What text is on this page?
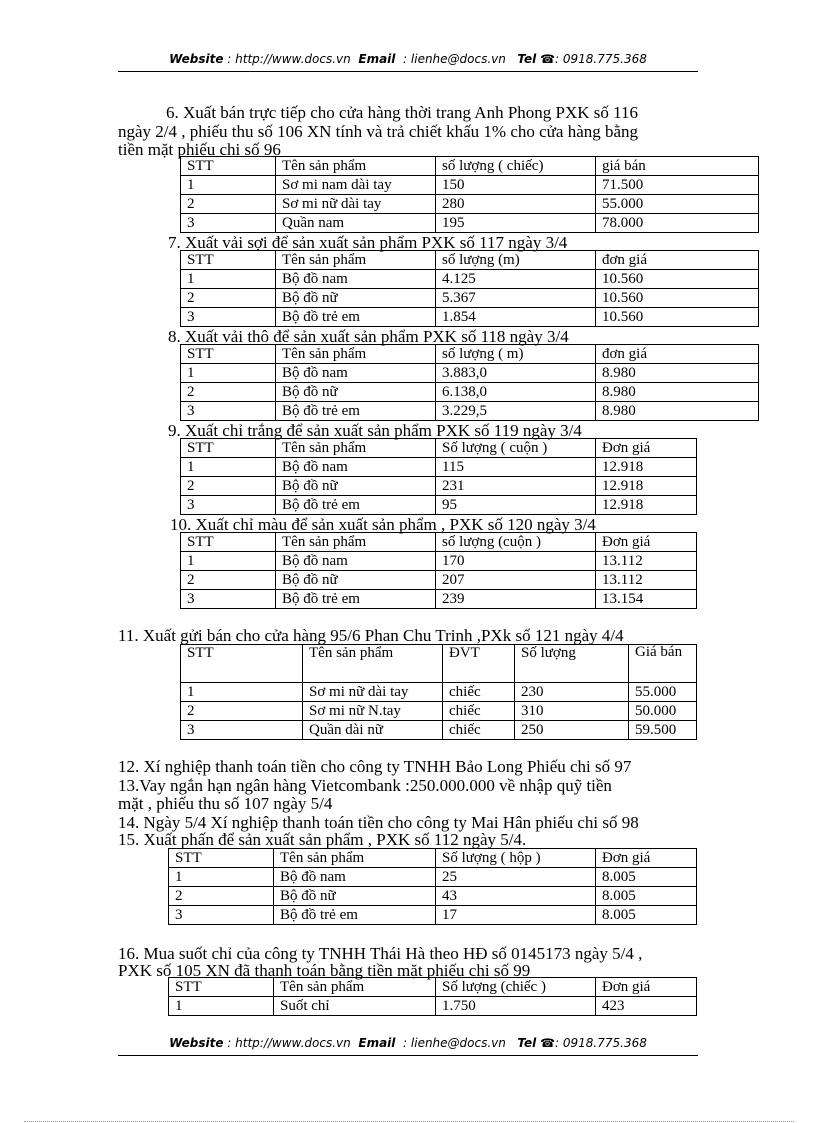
Website : http://www.docs.vn Email : lienhe@docs.vn Tel ☎: 0918.775.368
6. Xuất bán trực tiếp cho cửa hàng thời trang Anh Phong PXK số 116
ngày 2/4 , phiếu thu số 106 XN tính và trả chiết khấu 1% cho cửa hàng bằng
tiền mặt phiếu chi số 96
STT	Tên sản phẩm	số lượng ( chiếc)	giá bán
1	Sơ mi nam dài tay	150	71.500
2	Sơ mi nữ dài tay	280	55.000
3	Quần nam	195	78.000
7. Xuất vải sợi để sản xuất sản phẩm PXK số 117 ngày 3/4
STT	Tên sản phẩm	số lượng (m)	đơn giá
1	Bộ đồ nam	4.125	10.560
2	Bộ đồ nữ	5.367	10.560
3	Bộ đồ trẻ em	1.854	10.560
8. Xuất vải thô để sản xuất sản phẩm PXK số 118 ngày 3/4
STT	Tên sản phẩm	số lượng ( m)	đơn giá
1	Bộ đồ nam	3.883,0	8.980
2	Bộ đồ nữ	6.138,0	8.980
3	Bộ đồ trẻ em	3.229,5	8.980
9. Xuất chỉ trắng để sản xuất sản phẩm PXK số 119 ngày 3/4
STT	Tên sản phẩm	Số lượng ( cuộn )	Đơn giá
1	Bộ đồ nam	115	12.918
2	Bộ đồ nữ	231	12.918
3	Bộ đồ trẻ em	95	12.918
10. Xuất chỉ màu để sản xuất sản phẩm , PXK số 120 ngày 3/4
STT	Tên sản phẩm	số lượng (cuộn )	Đơn giá
1	Bộ đồ nam	170	13.112
2	Bộ đồ nữ	207	13.112
3	Bộ đồ trẻ em	239	13.154
11. Xuất gửi bán cho cửa hàng 95/6 Phan Chu Trinh ,PXk số 121 ngày 4/4
STT	Tên sản phẩm	ĐVT	Số lượng	Giá bán
1	Sơ mi nữ dài tay	chiếc	230	55.000
2	Sơ mi nữ N.tay	chiếc	310	50.000
3	Quần dài nữ	chiếc	250	59.500
12. Xí nghiệp thanh toán tiền cho công ty TNHH Bảo Long Phiếu chi số 97
13.Vay ngắn hạn ngân hàng Vietcombank :250.000.000 về nhập quỹ tiền
mặt , phiếu thu số 107 ngày 5/4
14. Ngày 5/4 Xí nghiệp thanh toán tiền cho công ty Mai Hân phiếu chi số 98
15. Xuất phấn để sản xuất sản phẩm , PXK số 112 ngày 5/4.
STT	Tên sản phẩm	Số lượng ( hộp )	Đơn giá
1	Bộ đồ nam	25	8.005
2	Bộ đồ nữ	43	8.005
3	Bộ đồ trẻ em	17	8.005
16. Mua suốt chỉ của công ty TNHH Thái Hà theo HĐ số 0145173 ngày 5/4 ,
PXK số 105 XN đã thanh toán bằng tiền mặt phiếu chi số 99
STT	Tên sản phẩm	Số lượng (chiếc )	Đơn giá
1	Suốt chỉ	1.750	423
Website : http://www.docs.vn Email : lienhe@docs.vn Tel ☎: 0918.775.368
